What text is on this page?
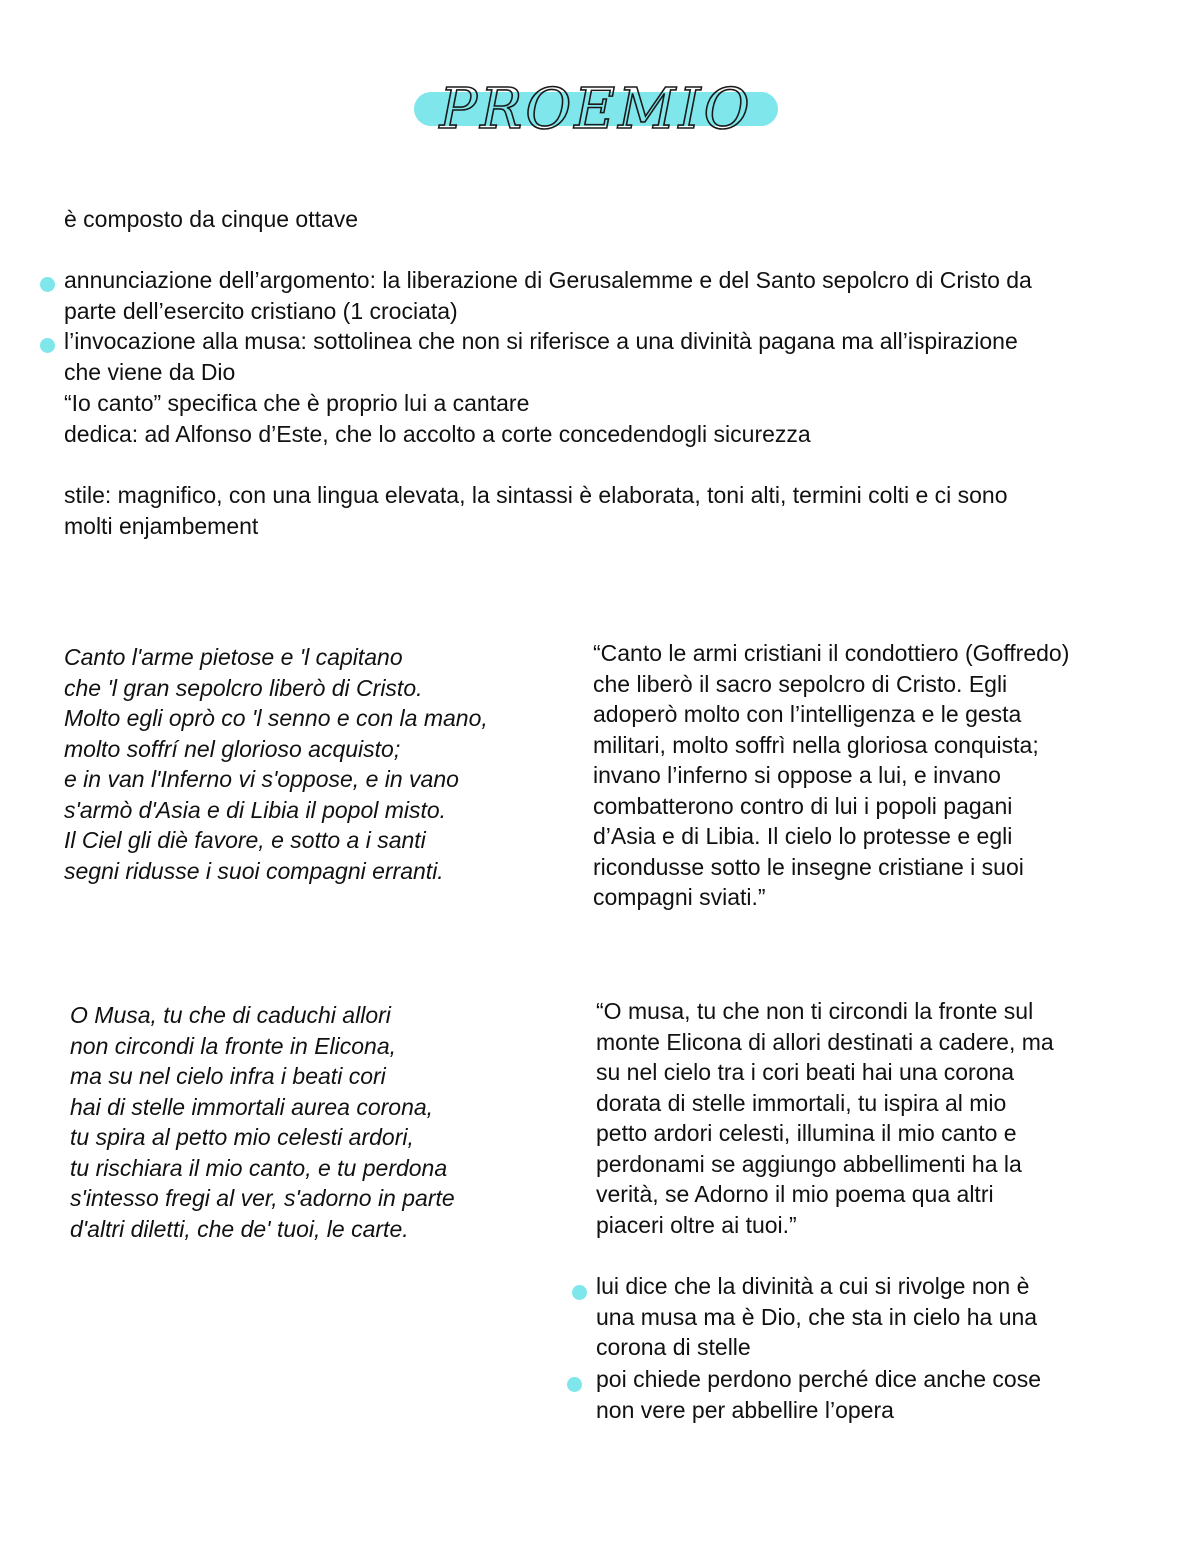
PROEMIO
è composto da cinque ottave
annunciazione dell’argomento: la liberazione di Gerusalemme e del Santo sepolcro di Cristo da
parte dell’esercito cristiano (1 crociata)
l’invocazione alla musa: sottolinea che non si riferisce a una divinità pagana ma all’ispirazione
che viene da Dio
“Io canto” specifica che è proprio lui a cantare
dedica: ad Alfonso d’Este, che lo accolto a corte concedendogli sicurezza
stile: magnifico, con una lingua elevata, la sintassi è elaborata, toni alti, termini colti e ci sono
molti enjambement
Canto l'arme pietose e 'l capitano
che 'l gran sepolcro liberò di Cristo.
Molto egli oprò co 'l senno e con la mano,
molto soffrí nel glorioso acquisto;
e in van l'Inferno vi s'oppose, e in vano
s'armò d'Asia e di Libia il popol misto.
Il Ciel gli diè favore, e sotto a i santi
segni ridusse i suoi compagni erranti.
“Canto le armi cristiani il condottiero (Goffredo)
che liberò il sacro sepolcro di Cristo. Egli
adoperò molto con l’intelligenza e le gesta
militari, molto soffrì nella gloriosa conquista;
invano l’inferno si oppose a lui, e invano
combatterono contro di lui i popoli pagani
d’Asia e di Libia. Il cielo lo protesse e egli
ricondusse sotto le insegne cristiane i suoi
compagni sviati.”
O Musa, tu che di caduchi allori
non circondi la fronte in Elicona,
ma su nel cielo infra i beati cori
hai di stelle immortali aurea corona,
tu spira al petto mio celesti ardori,
tu rischiara il mio canto, e tu perdona
s'intesso fregi al ver, s'adorno in parte
d'altri diletti, che de' tuoi, le carte.
“O musa, tu che non ti circondi la fronte sul
monte Elicona di allori destinati a cadere, ma
su nel cielo tra i cori beati hai una corona
dorata di stelle immortali, tu ispira al mio
petto ardori celesti, illumina il mio canto e
perdonami se aggiungo abbellimenti ha la
verità, se Adorno il mio poema qua altri
piaceri oltre ai tuoi.”
lui dice che la divinità a cui si rivolge non è
una musa ma è Dio, che sta in cielo ha una
corona di stelle
poi chiede perdono perché dice anche cose
non vere per abbellire l’opera
